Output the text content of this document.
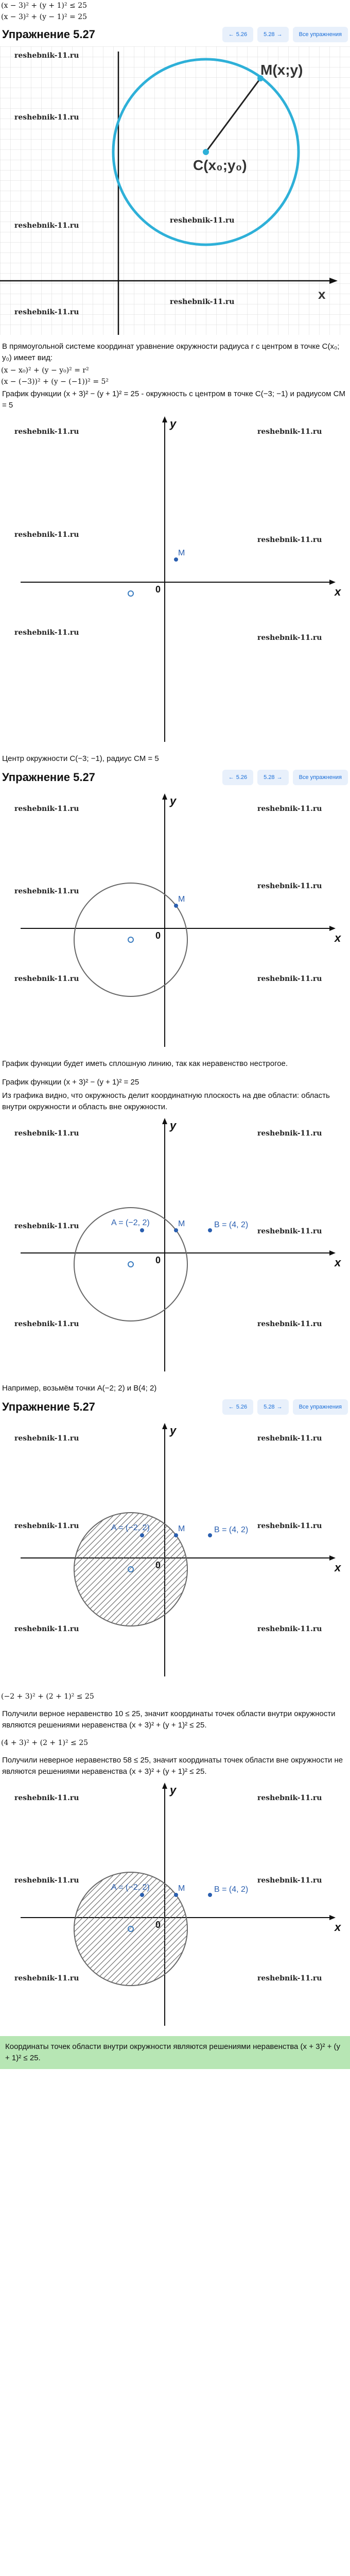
(x − 3)² + (y + 1)² ≤ 25
(x − 3)² + (y − 1)² = 25
Упражнение 5.27	← 5.26	5.28 →	Все упражнения
C(x₀;y₀)
M(x;y)
x
reshebnik-11.ru
reshebnik-11.ru
reshebnik-11.ru
reshebnik-11.ru
reshebnik-11.ru
reshebnik-11.ru
В прямоугольной системе координат уравнение окружности радиуса r с центром в точке C(x₀; y₀) имеет вид:
(x − x₀)² + (y − y₀)² = r²
(x − (−3))² + (y − (−1))² = 5²
График функции (x + 3)² − (y + 1)² = 25 - окружность с центром в точке C(−3; −1) и радиусом CM = 5
x
y
0
M
reshebnik-11.ru	reshebnik-11.ru
reshebnik-11.ru
reshebnik-11.ru
reshebnik-11.ru
reshebnik-11.ru
Центр окружности C(−3; −1), радиус CM = 5
Упражнение 5.27	← 5.26	5.28 →	Все упражнения
x
y
0
M
reshebnik-11.ru	reshebnik-11.ru
reshebnik-11.ru
reshebnik-11.ru
reshebnik-11.ru	reshebnik-11.ru
График функции будет иметь сплошную линию, так как неравенство нестрогое.
График функции (x + 3)² − (y + 1)² = 25
Из графика видно, что окружность делит координатную плоскость на две области: область внутри окружности и область вне окружности.
x
y
0
M
A = (−2, 2)	B = (4, 2)
reshebnik-11.ru	reshebnik-11.ru
reshebnik-11.ru
reshebnik-11.ru
reshebnik-11.ru	reshebnik-11.ru
Например, возьмём точки A(−2; 2) и B(4; 2)
Упражнение 5.27	← 5.26	5.28 →	Все упражнения
x
y
M
A = (−2, 2)	B = (4, 2)
reshebnik-11.ru	reshebnik-11.ru
reshebnik-11.ru	reshebnik-11.ru
reshebnik-11.ru	reshebnik-11.ru
(−2 + 3)² + (2 + 1)² ≤ 25
Получили верное неравенство 10 ≤ 25, значит координаты точек области внутри окружности являются решениями неравенства (x + 3)² + (y + 1)² ≤ 25.
(4 + 3)² + (2 + 1)² ≤ 25
Получили неверное неравенство 58 ≤ 25, значит координаты точек области вне окружности не являются решениями неравенства (x + 3)² + (y + 1)² ≤ 25.
x
y
M
A = (−2, 2)	B = (4, 2)
reshebnik-11.ru	reshebnik-11.ru
reshebnik-11.ru	reshebnik-11.ru
reshebnik-11.ru	reshebnik-11.ru
Координаты точек области внутри окружности являются решениями неравенства (x + 3)² + (y + 1)² ≤ 25.
